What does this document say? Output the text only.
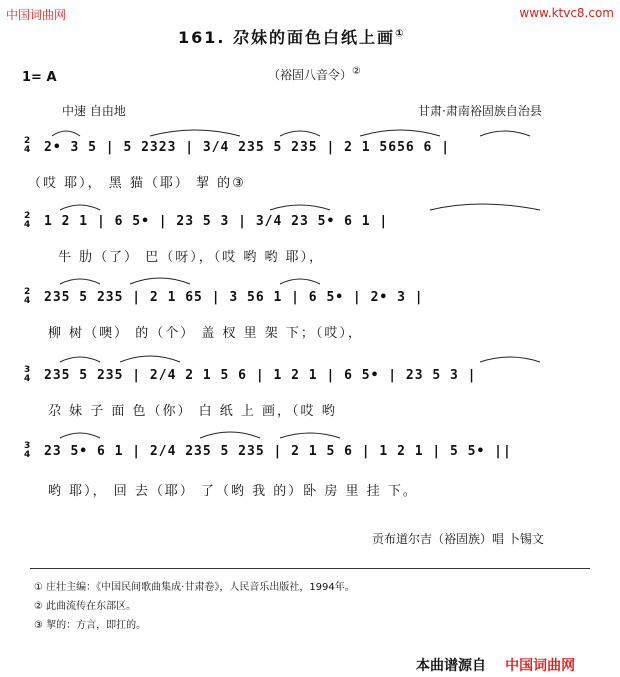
中国词曲网	www.ktvc8.com
161. 尕妹的面色白纸上画①
1= A	（裕固八音令）②
中速 自由地	甘肃·肃南裕固族自治县
2
4 2• 3 5 | 5 2323 | 3/4 235 5 235 | 2 1 5656 6 |
（哎 耶）， 黑 猫（耶） 挈 的③
2
4 1 2 1 | 6 5• | 23 5 3 | 3/4 23 5• 6 1 |
牛 肋（了） 巴（呀），（哎 哟 哟 耶），
2
4 235 5 235 | 2 1 65 | 3 56 1 | 6 5• | 2• 3 |
柳 树（噢） 的（个） 盖 杈 里 架 下；（哎），
3
4 235 5 235 | 2/4 2 1 5 6 | 1 2 1 | 6 5• | 23 5 3 |
尕 妹 子 面 色（你） 白 纸 上 画，（哎 哟
3
4 23 5• 6 1 | 2/4 235 5 235 | 2 1 5 6 | 1 2 1 | 5 5• ||
哟 耶）， 回 去（耶） 了（哟 我 的）卧 房 里 挂 下。
贡布道尔吉（裕固族）唱 卜锡文
① 庄壮主编：《中国民间歌曲集成·甘肃卷》，人民音乐出版社，1994年。
② 此曲流传在东部区。
③ 挈的：方言，即扛的。
本曲谱源自 中国词曲网
